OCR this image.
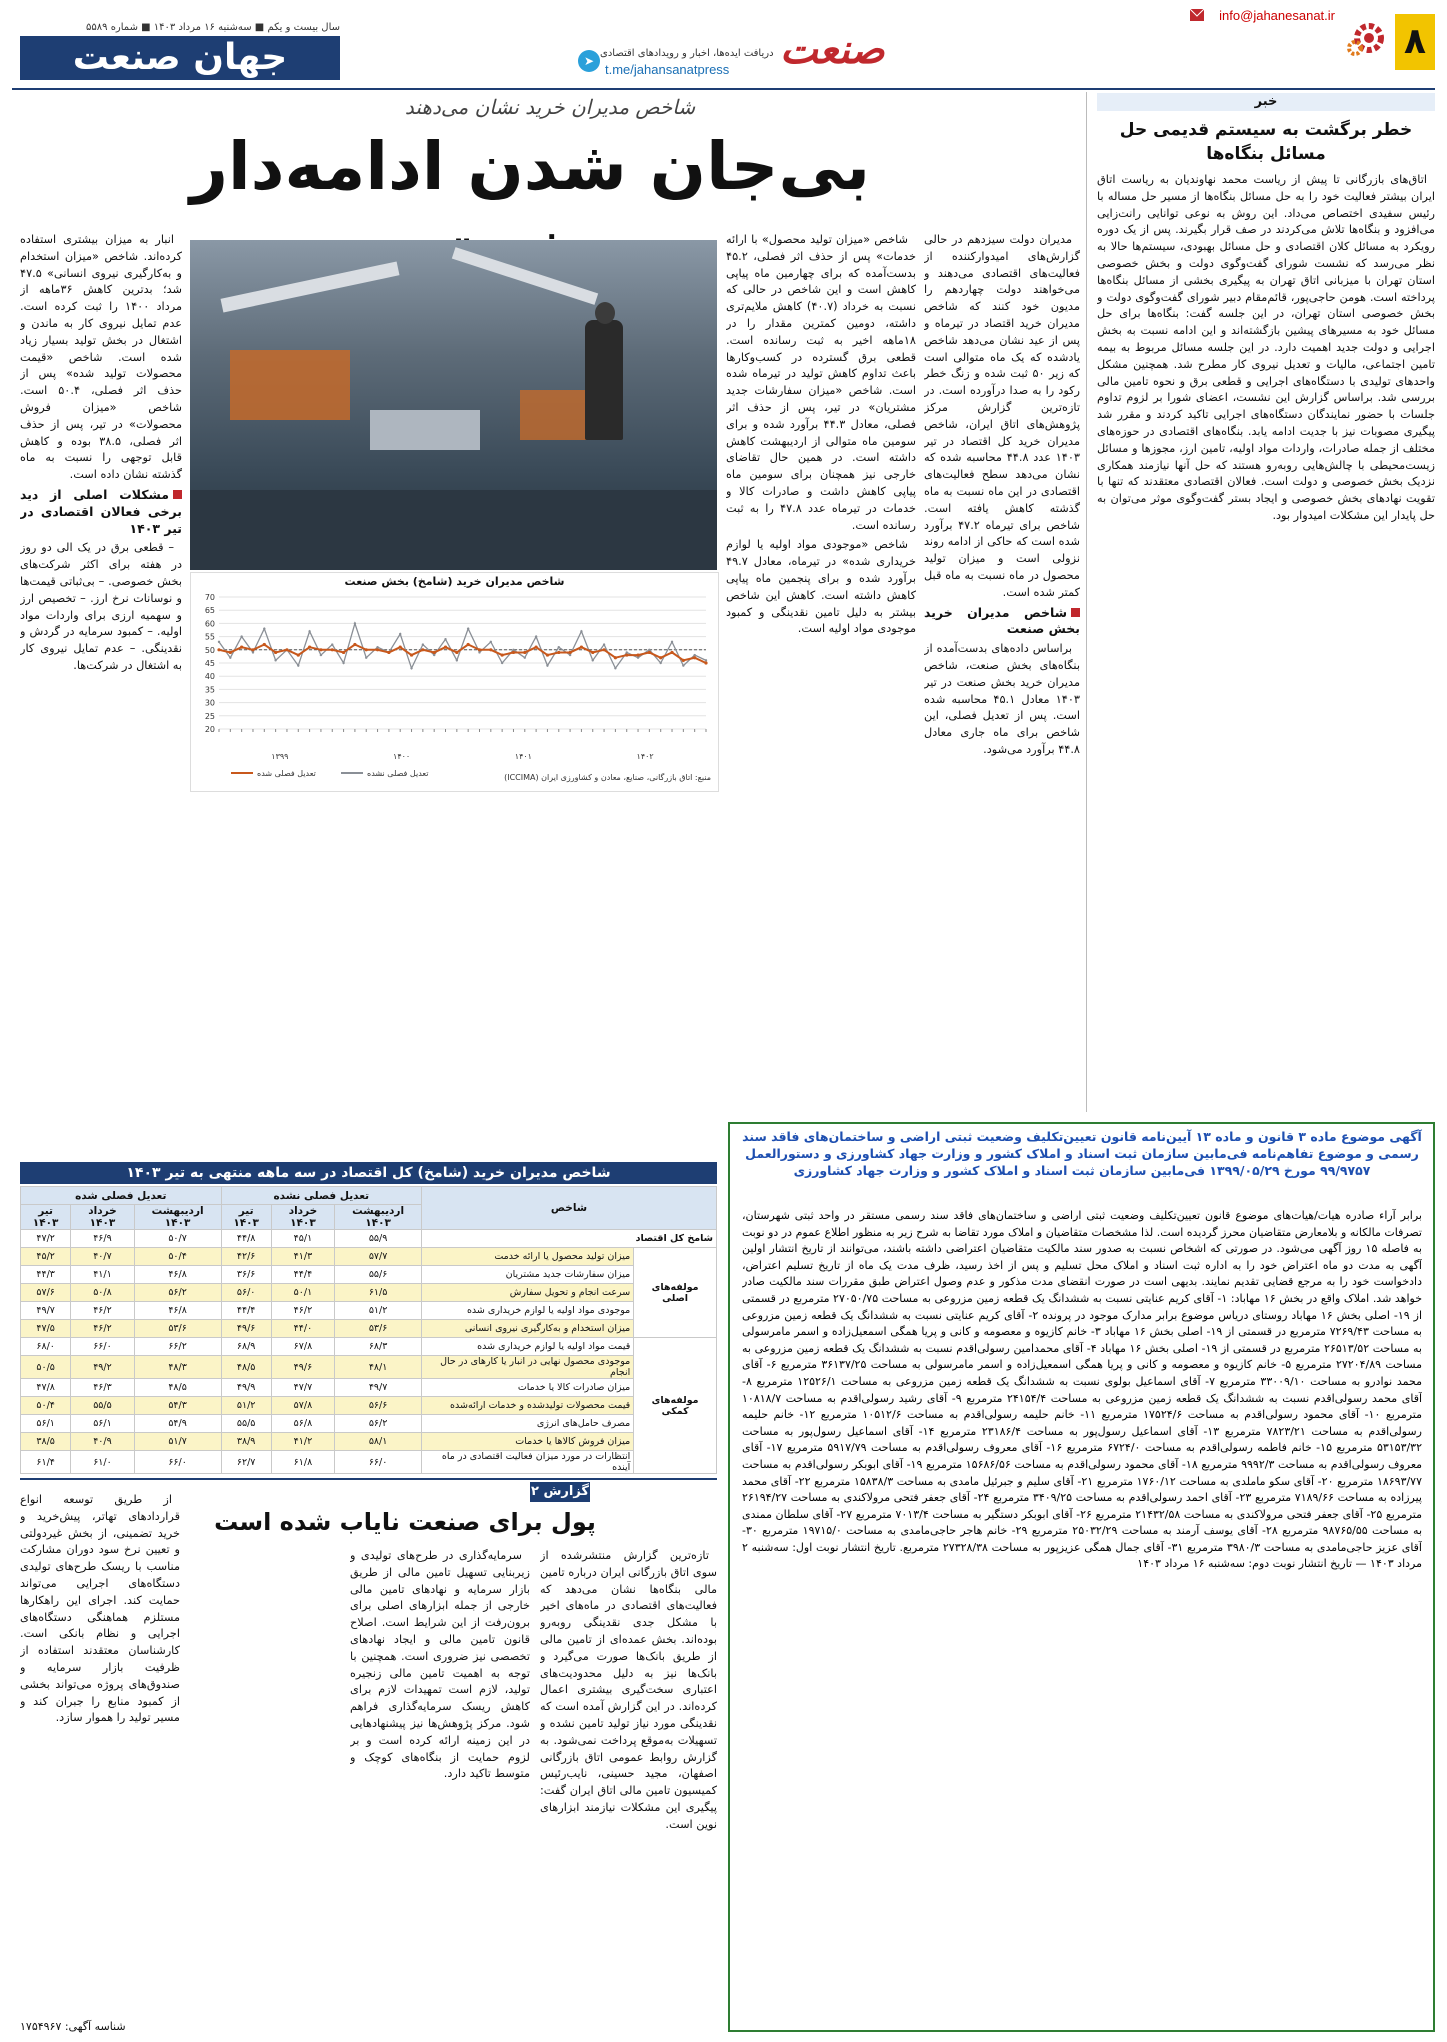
۸
info@jahanesanat.ir
صنعت
➤
دریافت ایده‌ها، اخبار و رویدادهای اقتصادی
t.me/jahansanatpress
سال بیست و یکم ■ سه‌شنبه ۱۶ مرداد ۱۴۰۳ ■ شماره ۵۵۸۹
جهان صنعت
شاخص مدیران خرید نشان می‌دهند
بی‌جان شدن ادامه‌دار
خبر
خطر برگشت به سیستم قدیمی حل مسائل بنگاه‌ها

اتاق‌های بازرگانی تا پیش از ریاست محمد نهاوندیان به ریاست اتاق ایران بیشتر فعالیت خود را به حل مسائل بنگاه‌ها از مسیر حل مساله با رئیس سفیدی اختصاص می‌داد. این روش به نوعی توانایی رانت‌زایی می‌افزود و بنگاه‌ها تلاش می‌کردند در صف قرار بگیرند. پس از یک دوره رویکرد به مسائل کلان اقتصادی و حل مسائل بهبودی، سیستم‌ها حالا به نظر می‌رسد که نشست شورای گفت‌وگوی دولت و بخش خصوصی استان تهران با میزبانی اتاق تهران به پیگیری بخشی از مسائل بنگاه‌ها پرداخته است. هومن حاجی‌پور، قائم‌مقام دبیر شورای گفت‌وگوی دولت و بخش خصوصی استان تهران، در این جلسه گفت: بنگاه‌ها برای حل مسائل خود به مسیرهای پیشین بازگشته‌اند و این ادامه نسبت به بخش اجرایی و دولت جدید اهمیت دارد. در این جلسه مسائل مربوط به بیمه تامین اجتماعی، مالیات و تعدیل نیروی کار مطرح شد. همچنین مشکل واحدهای تولیدی با دستگاه‌های اجرایی و قطعی برق و نحوه تامین مالی بررسی شد. براساس گزارش این نشست، اعضای شورا بر لزوم تداوم جلسات با حضور نمایندگان دستگاه‌های اجرایی تاکید کردند و مقرر شد پیگیری مصوبات نیز با جدیت ادامه یابد. بنگاه‌های اقتصادی در حوزه‌های مختلف از جمله صادرات، واردات مواد اولیه، تامین ارز، مجوزها و مسائل زیست‌محیطی با چالش‌هایی روبه‌رو هستند که حل آنها نیازمند همکاری نزدیک بخش خصوصی و دولت است. فعالان اقتصادی معتقدند که تنها با تقویت نهادهای بخش خصوصی و ایجاد بستر گفت‌وگوی موثر می‌توان به حل پایدار این مشکلات امیدوار بود.

مدیران دولت سیزدهم در حالی گزارش‌های امیدوارکننده از فعالیت‌های اقتصادی می‌دهند و می‌خواهند دولت چهاردهم را مدیون خود کنند که شاخص مدیران خرید اقتصاد در تیرماه و پس از عید نشان می‌دهد شاخص یادشده که یک ماه متوالی است که زیر ۵۰ ثبت شده و زنگ خطر رکود را به صدا درآورده است. در تازه‌ترین گزارش مرکز پژوهش‌های اتاق ایران، شاخص مدیران خرید کل اقتصاد در تیر ۱۴۰۳ عدد ۴۴.۸ محاسبه شده که نشان می‌دهد سطح فعالیت‌های اقتصادی در این ماه نسبت به ماه گذشته کاهش یافته است. شاخص برای تیرماه ۴۷.۲ برآورد شده است که حاکی از ادامه روند نزولی است و میزان تولید محصول در ماه نسبت به ماه قبل کمتر شده است.

شاخص مدیران خرید بخش صنعت

براساس داده‌های بدست‌آمده از بنگاه‌های بخش صنعت، شاخص مدیران خرید بخش صنعت در تیر ۱۴۰۳ معادل ۴۵.۱ محاسبه شده است. پس از تعدیل فصلی، این شاخص برای ماه جاری معادل ۴۴.۸ برآورد می‌شود.

شاخص «میزان تولید محصول» با ارائه خدمات» پس از حذف اثر فصلی، ۴۵.۲ بدست‌آمده که برای چهارمین ماه پیاپی کاهش است و این شاخص در حالی که نسبت به خرداد (۴۰.۷) کاهش ملایم‌تری داشته، دومین کمترین مقدار را در ۱۸ماهه اخیر به ثبت رسانده است. قطعی برق گسترده در کسب‌وکارها باعث تداوم کاهش تولید در تیرماه شده است. شاخص «میزان سفارشات جدید مشتریان» در تیر، پس از حذف اثر فصلی، معادل ۴۴.۳ برآورد شده و برای سومین ماه متوالی از اردیبهشت کاهش داشته است. در همین حال تقاضای خارجی نیز همچنان برای سومین ماه پیاپی کاهش داشت و صادرات کالا و خدمات در تیرماه عدد ۴۷.۸ را به ثبت رسانده است.

شاخص «موجودی مواد اولیه یا لوازم خریداری شده» در تیرماه، معادل ۴۹.۷ برآورد شده و برای پنجمین ماه پیاپی کاهش داشته است. کاهش این شاخص بیشتر به دلیل تامین نقدینگی و کمبود موجودی مواد اولیه است.

انبار به میزان بیشتری استفاده کرده‌اند. شاخص «میزان استخدام و به‌کارگیری نیروی انسانی» ۴۷.۵ شد؛ بدترین کاهش ۳۶ماهه از مرداد ۱۴۰۰ را ثبت کرده است. عدم تمایل نیروی کار به ماندن و اشتغال در بخش تولید بسیار زیاد شده است. شاخص «قیمت محصولات تولید شده» پس از حذف اثر فصلی، ۵۰.۴ است. شاخص «میزان فروش محصولات» در تیر، پس از حذف اثر فصلی، ۳۸.۵ بوده و کاهش قابل توجهی را نسبت به ماه گذشته نشان داده است.

مشکلات اصلی از دید برخی فعالان اقتصادی در تیر ۱۴۰۳

– قطعی برق در یک الی دو روز در هفته برای اکثر شرکت‌های بخش خصوصی. – بی‌ثباتی قیمت‌ها و نوسانات نرخ ارز. – تخصیص ارز و سهمیه ارزی برای واردات مواد اولیه. – کمبود سرمایه در گردش و نقدینگی. – عدم تمایل نیروی کار به اشتغال در شرکت‌ها.

شاخص مدیران خرید (شامخ) بخش صنعت
20
25
30
35
40
45
50
55
60
65
70
۱۳۹۹	۱۴۰۰	۱۴۰۱	۱۴۰۲
تعدیل فصلی نشده
تعدیل فصلی شده	منبع: اتاق بازرگانی، صنایع، معادن و کشاورزی ایران (ICCIMA)
شاخص مدیران خرید (شامخ) کل اقتصاد در سه ماهه منتهی به تیر ۱۴۰۳
شاخص		تعدیل فصلی نشده			تعدیل فصلی شده		
		اردیبهشت ۱۴۰۳	خرداد ۱۴۰۳	تیر ۱۴۰۳	اردیبهشت ۱۴۰۳	خرداد ۱۴۰۳	تیر ۱۴۰۳
شامخ کل اقتصاد		۵۵/۹	۴۵/۱	۴۴/۸	۵۰/۷	۴۶/۹	۴۷/۲
مولفه‌های اصلی	میزان تولید محصول یا ارائه خدمت	۵۷/۷	۴۱/۳	۴۲/۶	۵۰/۴	۴۰/۷	۴۵/۲
	میزان سفارشات جدید مشتریان	۵۵/۶	۴۴/۴	۳۶/۶	۴۶/۸	۴۱/۱	۴۴/۳
	سرعت انجام و تحویل سفارش	۶۱/۵	۵۰/۱	۵۶/۰	۵۶/۲	۵۰/۸	۵۷/۶
	موجودی مواد اولیه یا لوازم خریداری شده	۵۱/۲	۴۶/۲	۴۴/۴	۴۶/۸	۴۶/۲	۴۹/۷
	میزان استخدام و به‌کارگیری نیروی انسانی	۵۳/۶	۴۴/۰	۴۹/۶	۵۳/۶	۴۶/۲	۴۷/۵
مولفه‌های کمکی	قیمت مواد اولیه یا لوازم خریداری شده	۶۸/۳	۶۷/۸	۶۸/۹	۶۶/۲	۶۶/۰	۶۸/۰
	موجودی محصول نهایی در انبار یا کارهای در حال انجام	۴۸/۱	۴۹/۶	۴۸/۵	۴۸/۳	۴۹/۲	۵۰/۵
	میزان صادرات کالا یا خدمات	۴۹/۷	۴۷/۷	۴۹/۹	۴۸/۵	۴۶/۳	۴۷/۸
	قیمت محصولات تولیدشده و خدمات ارائه‌شده	۵۶/۶	۵۷/۸	۵۱/۲	۵۴/۳	۵۵/۵	۵۰/۴
	مصرف حامل‌های انرژی	۵۶/۲	۵۶/۸	۵۵/۵	۵۴/۹	۵۶/۱	۵۶/۱
	میزان فروش کالاها یا خدمات	۵۸/۱	۴۱/۲	۳۸/۹	۵۱/۷	۴۰/۹	۳۸/۵
	انتظارات در مورد میزان فعالیت اقتصادی در ماه آینده	۶۶/۰	۶۱/۸	۶۲/۷	۶۶/۰	۶۱/۰	۶۱/۴
گزارش ۲
پول برای صنعت نایاب شده است

تازه‌ترین گزارش منتشرشده از سوی اتاق بازرگانی ایران درباره تامین مالی بنگاه‌ها نشان می‌دهد که فعالیت‌های اقتصادی در ماه‌های اخیر با مشکل جدی نقدینگی روبه‌رو بوده‌اند. بخش عمده‌ای از تامین مالی از طریق بانک‌ها صورت می‌گیرد و بانک‌ها نیز به دلیل محدودیت‌های اعتباری سخت‌گیری بیشتری اعمال کرده‌اند. در این گزارش آمده است که نقدینگی مورد نیاز تولید تامین نشده و تسهیلات به‌موقع پرداخت نمی‌شود. به گزارش روابط عمومی اتاق بازرگانی اصفهان، مجید حسینی، نایب‌رئیس کمیسیون تامین مالی اتاق ایران گفت: پیگیری این مشکلات نیازمند ابزارهای نوین است.

سرمایه‌گذاری در طرح‌های تولیدی و زیربنایی تسهیل تامین مالی از طریق بازار سرمایه و نهادهای تامین مالی خارجی از جمله ابزارهای اصلی برای برون‌رفت از این شرایط است. اصلاح قانون تامین مالی و ایجاد نهادهای تخصصی نیز ضروری است. همچنین با توجه به اهمیت تامین مالی زنجیره تولید، لازم است تمهیدات لازم برای کاهش ریسک سرمایه‌گذاری فراهم شود. مرکز پژوهش‌ها نیز پیشنهادهایی در این زمینه ارائه کرده است و بر لزوم حمایت از بنگاه‌های کوچک و متوسط تاکید دارد.

از طریق توسعه انواع قراردادهای تهاتر، پیش‌خرید و خرید تضمینی، از بخش غیردولتی و تعیین نرخ سود دوران مشارکت مناسب با ریسک طرح‌های تولیدی دستگاه‌های اجرایی می‌تواند حمایت کند. اجرای این راهکارها مستلزم هماهنگی دستگاه‌های اجرایی و نظام بانکی است. کارشناسان معتقدند استفاده از ظرفیت بازار سرمایه و صندوق‌های پروژه می‌تواند بخشی از کمبود منابع را جبران کند و مسیر تولید را هموار سازد.

آگهی موضوع ماده ۳ قانون و ماده ۱۳ آیین‌نامه قانون تعیین‌تکلیف وضعیت ثبتی اراضی و ساختمان‌های فاقد سند رسمی و موضوع تفاهم‌نامه فی‌مابین سازمان ثبت اسناد و املاک کشور و وزارت جهاد کشاورزی و دستورالعمل ۹۹/۹۷۵۷ مورخ ۱۳۹۹/۰۵/۲۹ فی‌مابین سازمان ثبت اسناد و املاک کشور و وزارت جهاد کشاورزی
برابر آراء صادره هیات/هیات‌های موضوع قانون تعیین‌تکلیف وضعیت ثبتی اراضی و ساختمان‌های فاقد سند رسمی مستقر در واحد ثبتی شهرستان، تصرفات مالکانه و بلامعارض متقاضیان محرز گردیده است. لذا مشخصات متقاضیان و املاک مورد تقاضا به شرح زیر به منظور اطلاع عموم در دو نوبت به فاصله ۱۵ روز آگهی می‌شود. در صورتی که اشخاص نسبت به صدور سند مالکیت متقاضیان اعتراضی داشته باشند، می‌توانند از تاریخ انتشار اولین آگهی به مدت دو ماه اعتراض خود را به اداره ثبت اسناد و املاک محل تسلیم و پس از اخذ رسید، ظرف مدت یک ماه از تاریخ تسلیم اعتراض، دادخواست خود را به مرجع قضایی تقدیم نمایند. بدیهی است در صورت انقضای مدت مذکور و عدم وصول اعتراض طبق مقررات سند مالکیت صادر خواهد شد. املاک واقع در بخش ۱۶ مهاباد: ۱- آقای کریم عنایتی نسبت به ششدانگ یک قطعه زمین مزروعی به مساحت ۲۷۰۵۰/۷۵ مترمربع در قسمتی از ۱۹- اصلی بخش ۱۶ مهاباد روستای دریاس موضوع برابر مدارک موجود در پرونده ۲- آقای کریم عنایتی نسبت به ششدانگ یک قطعه زمین مزروعی به مساحت ۷۲۶۹/۴۳ مترمربع در قسمتی از ۱۹- اصلی بخش ۱۶ مهاباد ۳- خانم کازیوه و معصومه و کانی و پریا همگی اسمعیل‌زاده و اسمر مامرسولی به مساحت ۲۶۵۱۳/۵۲ مترمربع در قسمتی از ۱۹- اصلی بخش ۱۶ مهاباد ۴- آقای محمدامین رسولی‌اقدم نسبت به ششدانگ یک قطعه زمین مزروعی به مساحت ۲۷۲۰۴/۸۹ مترمربع ۵- خانم کازیوه و معصومه و کانی و پریا همگی اسمعیل‌زاده و اسمر مامرسولی به مساحت ۳۶۱۳۷/۲۵ مترمربع ۶- آقای محمد نوادرو به مساحت ۳۳۰۰۹/۱۰ مترمربع ۷- آقای اسماعیل بولوی نسبت به ششدانگ یک قطعه زمین مزروعی به مساحت ۱۲۵۲۶/۱ مترمربع ۸- آقای محمد رسولی‌اقدم نسبت به ششدانگ یک قطعه زمین مزروعی به مساحت ۲۴۱۵۴/۴ مترمربع ۹- آقای رشید رسولی‌اقدم به مساحت ۱۰۸۱۸/۷ مترمربع ۱۰- آقای محمود رسولی‌اقدم به مساحت ۱۷۵۲۴/۶ مترمربع ۱۱- خانم حلیمه رسولی‌اقدم به مساحت ۱۰۵۱۲/۶ مترمربع ۱۲- خانم حلیمه رسولی‌اقدم به مساحت ۷۸۲۳/۲۱ مترمربع ۱۳- آقای اسماعیل رسول‌پور به مساحت ۲۳۱۸۶/۴ مترمربع ۱۴- آقای اسماعیل رسول‌پور به مساحت ۵۳۱۵۳/۳۲ مترمربع ۱۵- خانم فاطمه رسولی‌اقدم به مساحت ۶۷۲۴/۰ مترمربع ۱۶- آقای معروف رسولی‌اقدم به مساحت ۵۹۱۷/۷۹ مترمربع ۱۷- آقای معروف رسولی‌اقدم به مساحت ۹۹۹۲/۳ مترمربع ۱۸- آقای محمود رسولی‌اقدم به مساحت ۱۵۶۸۶/۵۶ مترمربع ۱۹- آقای ابوبکر رسولی‌اقدم به مساحت ۱۸۶۹۳/۷۷ مترمربع ۲۰- آقای سکو ماملدی به مساحت ۱۷۶۰/۱۲ مترمربع ۲۱- آقای سلیم و جبرئیل مامدی به مساحت ۱۵۸۳۸/۳ مترمربع ۲۲- آقای محمد پیرزاده به مساحت ۷۱۸۹/۶۶ مترمربع ۲۳- آقای احمد رسولی‌اقدم به مساحت ۳۴۰۹/۲۵ مترمربع ۲۴- آقای جعفر فتحی مرولاکندی به مساحت ۲۶۱۹۴/۲۷ مترمربع ۲۵- آقای جعفر فتحی مرولاکندی به مساحت ۲۱۴۳۲/۵۸ مترمربع ۲۶- آقای ابوبکر دستگیر به مساحت ۷۰۱۳/۴ مترمربع ۲۷- آقای سلطان ممندی به مساحت ۹۸۷۶۵/۵۵ مترمربع ۲۸- آقای یوسف آرمند به مساحت ۲۵۰۳۲/۲۹ مترمربع ۲۹- خانم هاجر حاجی‌مامدی به مساحت ۱۹۷۱۵/۰ مترمربع ۳۰- آقای عزیز حاجی‌مامدی به مساحت ۳۹۸۰/۳ مترمربع ۳۱- آقای جمال همگی عزیزپور به مساحت ۲۷۳۲۸/۳۸ مترمربع. تاریخ انتشار نوبت اول: سه‌شنبه ۲ مرداد ۱۴۰۳ — تاریخ انتشار نوبت دوم: سه‌شنبه ۱۶ مرداد ۱۴۰۳
شناسه آگهی: ۱۷۵۴۹۶۷
